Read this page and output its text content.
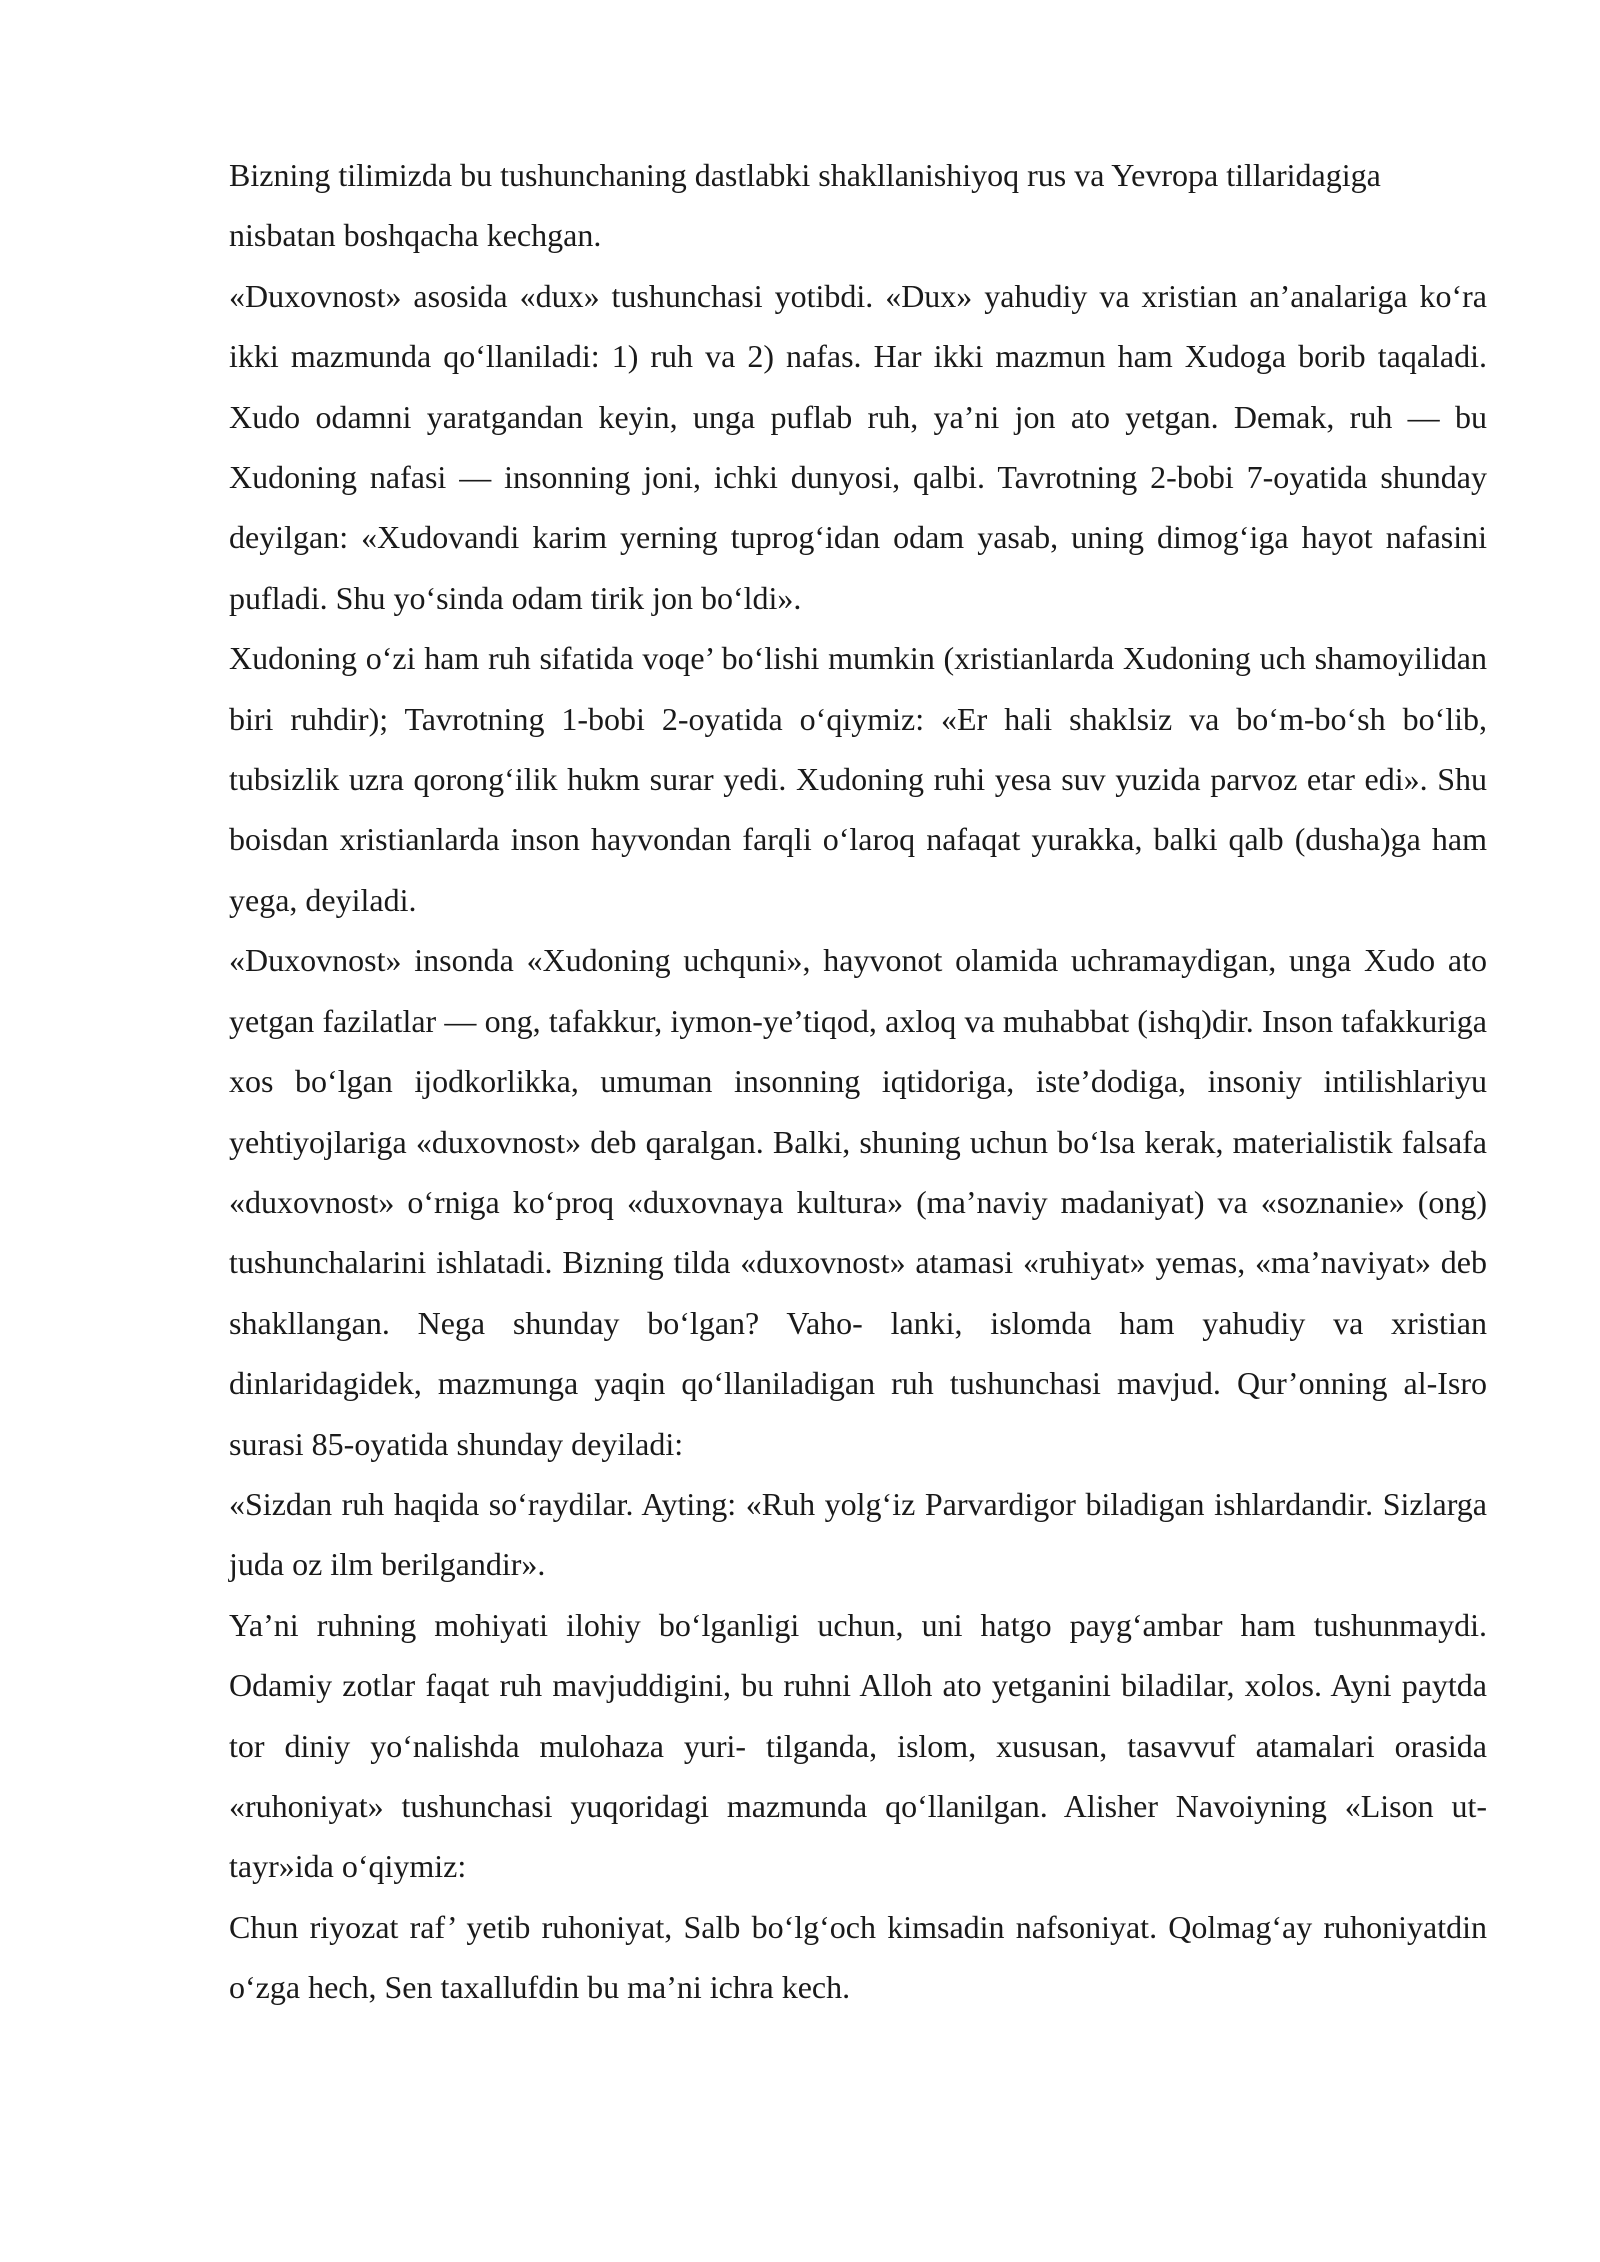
Bizning tilimizda bu tushunchaning dastlabki shakllanishiyoq rus va Yevropa tillaridagiga nisbatan boshqacha kechgan.

«Duxovnost» asosida «dux» tushunchasi yotibdi. «Dux» yahudiy va xristian an’analariga ko‘ra ikki mazmunda qo‘llaniladi: 1) ruh va 2) nafas. Har ikki mazmun ham Xudoga borib taqaladi. Xudo odamni yaratgandan keyin, unga puflab ruh, ya’ni jon ato yetgan. Demak, ruh — bu Xudoning nafasi — insonning joni, ichki dunyosi, qalbi. Tavrotning 2-bobi 7-oyatida shunday deyilgan: «Xudovandi karim yerning tuprog‘idan odam yasab, uning dimog‘iga hayot nafasini pufladi. Shu yo‘sinda odam tirik jon bo‘ldi».

Xudoning o‘zi ham ruh sifatida voqe’ bo‘lishi mumkin (xristianlarda Xudoning uch shamoyilidan biri ruhdir); Tavrotning 1-bobi 2-oyatida o‘qiymiz: «Er hali shaklsiz va bo‘m-bo‘sh bo‘lib, tubsizlik uzra qorong‘ilik hukm surar yedi. Xudoning ruhi yesa suv yuzida parvoz etar edi». Shu boisdan xristianlarda inson hayvondan farqli o‘laroq nafaqat yurakka, balki qalb (dusha)ga ham yega, deyiladi.

«Duxovnost» insonda «Xudoning uchquni», hayvonot olamida uchramaydigan, unga Xudo ato yetgan fazilatlar — ong, tafakkur, iymon-ye’tiqod, axloq va muhabbat (ishq)dir. Inson tafakkuriga xos bo‘lgan ijodkorlikka, umuman insonning iqtidoriga, iste’dodiga, insoniy intilishlariyu yehtiyojlariga «duxovnost» deb qaralgan. Balki, shuning uchun bo‘lsa kerak, materialistik falsafa «duxovnost» o‘rniga ko‘proq «duxovnaya kultura» (ma’naviy madaniyat) va «soznanie» (ong) tushunchalarini ishlatadi. Bizning tilda «duxovnost» atamasi «ruhiyat» yemas, «ma’naviyat» deb shakllangan. Nega shunday bo‘lgan? Vaho- lanki, islomda ham yahudiy va xristian dinlaridagidek, mazmunga yaqin qo‘llaniladigan ruh tushunchasi mavjud. Qur’onning al-Isro surasi 85-oyatida shunday deyiladi:

«Sizdan ruh haqida so‘raydilar. Ayting: «Ruh yolg‘iz Parvardigor biladigan ishlardandir. Sizlarga juda oz ilm berilgandir».

Ya’ni ruhning mohiyati ilohiy bo‘lganligi uchun, uni hatgo payg‘ambar ham tushunmaydi. Odamiy zotlar faqat ruh mavjuddigini, bu ruhni Alloh ato yetganini biladilar, xolos. Ayni paytda tor diniy yo‘nalishda mulohaza yuri- tilganda, islom, xususan, tasavvuf atamalari orasida «ruhoniyat» tushunchasi yuqoridagi mazmunda qo‘llanilgan. Alisher Navoiyning «Lison ut-tayr»ida o‘qiymiz:

Chun riyozat raf’ yetib ruhoniyat, Salb bo‘lg‘och kimsadin nafsoniyat. Qolmag‘ay ruhoniyatdin o‘zga hech, Sen taxallufdin bu ma’ni ichra kech.
